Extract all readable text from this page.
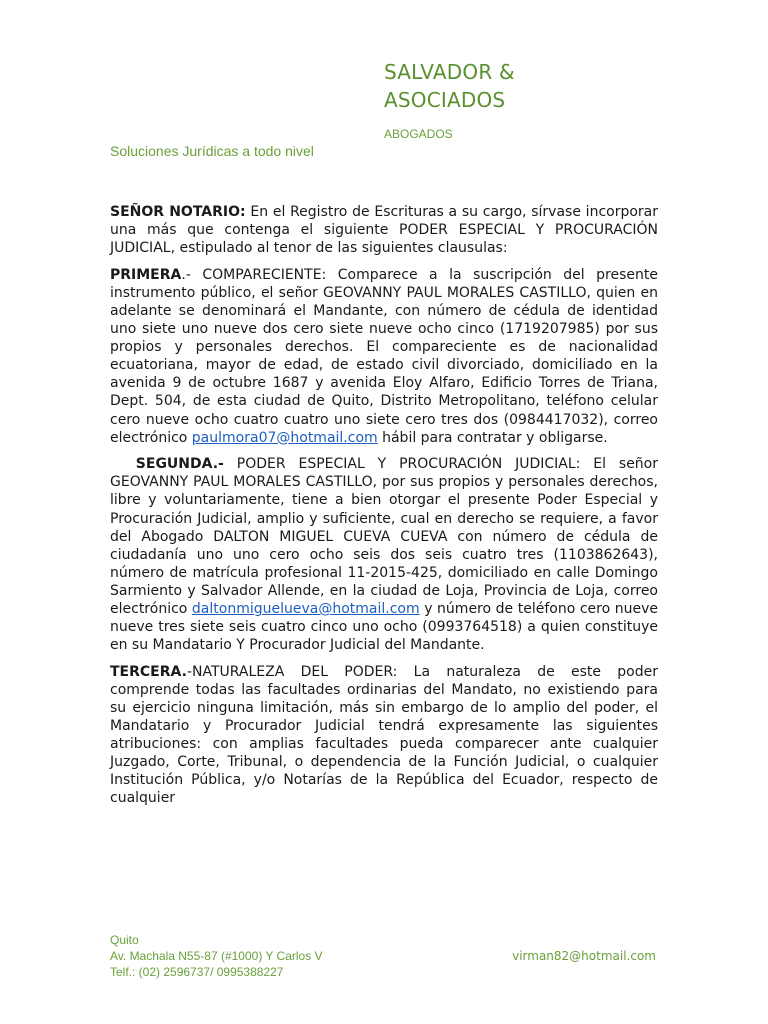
SALVADOR &
ASOCIADOS
ABOGADOS
Soluciones Jurídicas a todo nivel

SEÑOR NOTARIO: En el Registro de Escrituras a su cargo, sírvase incorporar una más que contenga el siguiente PODER ESPECIAL Y PROCURACIÓN JUDICIAL, estipulado al tenor de las siguientes clausulas:

PRIMERA.- COMPARECIENTE: Comparece a la suscripción del presente instrumento público, el señor GEOVANNY PAUL MORALES CASTILLO, quien en adelante se denominará el Mandante, con número de cédula de identidad uno siete uno nueve dos cero siete nueve ocho cinco (1719207985) por sus propios y personales derechos. El compareciente es de nacionalidad ecuatoriana, mayor de edad, de estado civil divorciado, domiciliado en la avenida 9 de octubre 1687 y avenida Eloy Alfaro, Edificio Torres de Triana, Dept. 504, de esta ciudad de Quito, Distrito Metropolitano, teléfono celular cero nueve ocho cuatro cuatro uno siete cero tres dos (0984417032), correo electrónico paulmora07@hotmail.com hábil para contratar y obligarse.

SEGUNDA.- PODER ESPECIAL Y PROCURACIÓN JUDICIAL: El señor GEOVANNY PAUL MORALES CASTILLO, por sus propios y personales derechos, libre y voluntariamente, tiene a bien otorgar el presente Poder Especial y Procuración Judicial, amplio y suficiente, cual en derecho se requiere, a favor del Abogado DALTON MIGUEL CUEVA CUEVA con número de cédula de ciudadanía uno uno cero ocho seis dos seis cuatro tres (1103862643), número de matrícula profesional 11-2015-425, domiciliado en calle Domingo Sarmiento y Salvador Allende, en la ciudad de Loja, Provincia de Loja, correo electrónico daltonmiguelueva@hotmail.com y número de teléfono cero nueve nueve tres siete seis cuatro cinco uno ocho (0993764518) a quien constituye en su Mandatario Y Procurador Judicial del Mandante.

TERCERA.-NATURALEZA DEL PODER: La naturaleza de este poder comprende todas las facultades ordinarias del Mandato, no existiendo para su ejercicio ninguna limitación, más sin embargo de lo amplio del poder, el Mandatario y Procurador Judicial tendrá expresamente las siguientes atribuciones: con amplias facultades pueda comparecer ante cualquier Juzgado, Corte, Tribunal, o dependencia de la Función Judicial, o cualquier Institución Pública, y/o Notarías de la República del Ecuador, respecto de cualquier

Quito
Av. Machala N55-87 (#1000) Y Carlos V
Telf.: (02) 2596737/ 0995388227
virman82@hotmail.com
